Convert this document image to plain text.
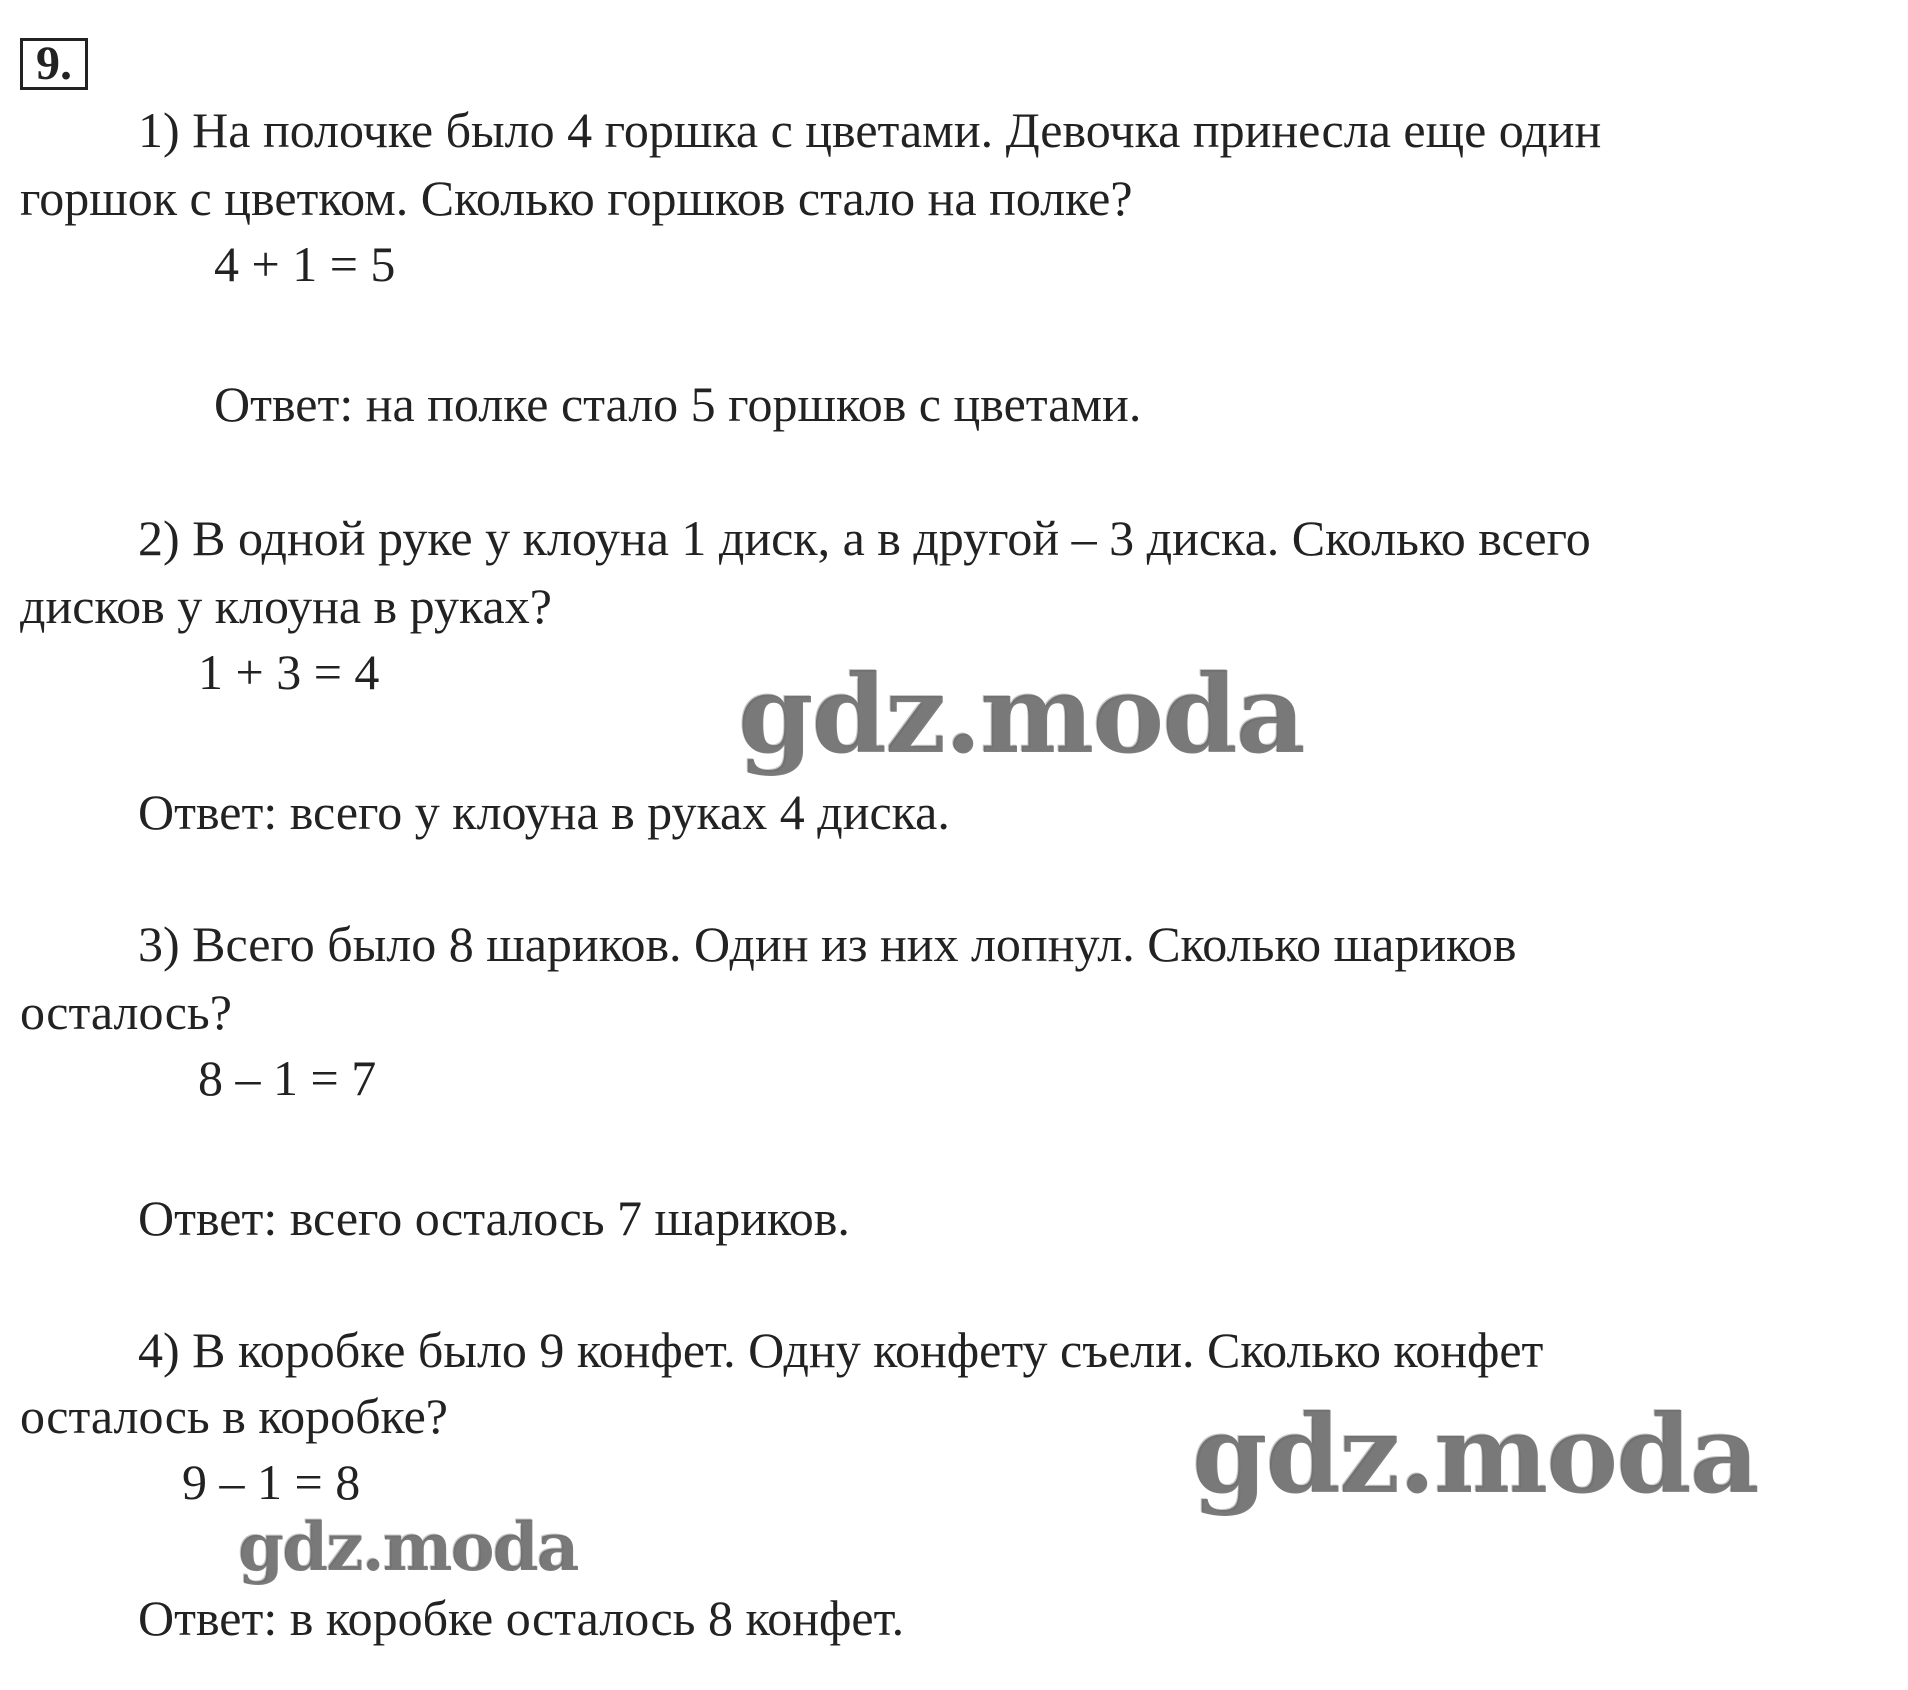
9.
1) На полочке было 4 горшка с цветами. Девочка принесла еще один
горшок с цветком. Сколько горшков стало на полке?
4 + 1 = 5
Ответ: на полке стало 5 горшков с цветами.
2) В одной руке у клоуна 1 диск, а в другой – 3 диска. Сколько всего
дисков у клоуна в руках?
1 + 3 = 4
Ответ: всего у клоуна в руках 4 диска.
3) Всего было 8 шариков. Один из них лопнул. Сколько шариков
осталось?
8 – 1 = 7
Ответ: всего осталось 7 шариков.
4) В коробке было 9 конфет. Одну конфету съели. Сколько конфет
осталось в коробке?
9 – 1 = 8
Ответ: в коробке осталось 8 конфет.
gdz.moda
gdz.moda
gdz.moda
